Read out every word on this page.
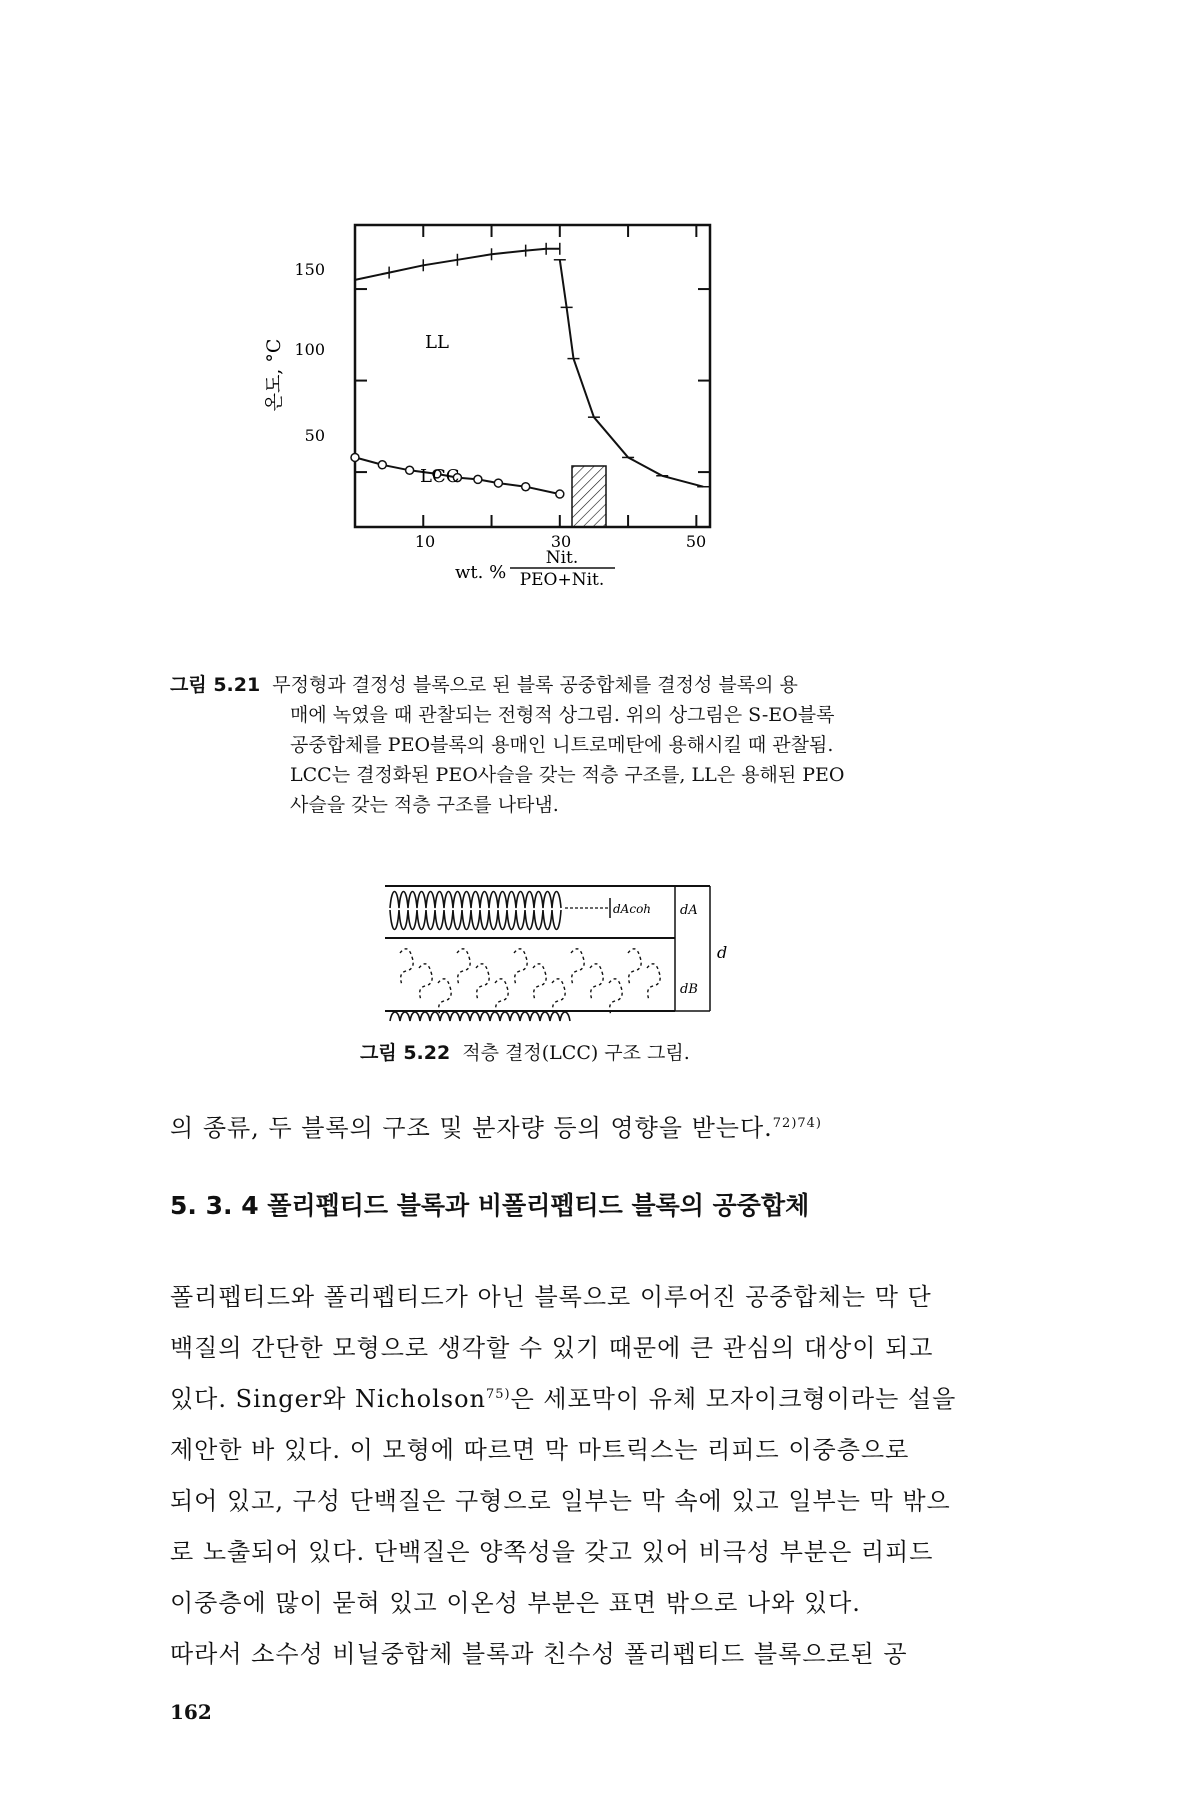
150
100
50
10	30	50
LL
LCC
온도, °C
wt. %
Nit.
PEO+Nit.
그림 5.21 무정형과 결정성 블록으로 된 블록 공중합체를 결정성 블록의 용
매에 녹였을 때 관찰되는 전형적 상그림. 위의 상그림은 S-EO블록
공중합체를 PEO블록의 용매인 니트로메탄에 용해시킬 때 관찰됨.
LCC는 결정화된 PEO사슬을 갖는 적층 구조를, LL은 용해된 PEO
사슬을 갖는 적층 구조를 나타냄.
dAcoh dA
dB
d
그림 5.22 적층 결정(LCC) 구조 그림.
의 종류, 두 블록의 구조 및 분자량 등의 영향을 받는다.$^{72)74)}$
5. 3. 4 폴리펩티드 블록과 비폴리펩티드 블록의 공중합체
폴리펩티드와 폴리펩티드가 아닌 블록으로 이루어진 공중합체는 막 단
백질의 간단한 모형으로 생각할 수 있기 때문에 큰 관심의 대상이 되고
있다. Singer와 Nicholson$^{75)}$은 세포막이 유체 모자이크형이라는 설을
제안한 바 있다. 이 모형에 따르면 막 마트릭스는 리피드 이중층으로
되어 있고, 구성 단백질은 구형으로 일부는 막 속에 있고 일부는 막 밖으
로 노출되어 있다. 단백질은 양쪽성을 갖고 있어 비극성 부분은 리피드
이중층에 많이 묻혀 있고 이온성 부분은 표면 밖으로 나와 있다.
따라서 소수성 비닐중합체 블록과 친수성 폴리펩티드 블록으로된 공
162
